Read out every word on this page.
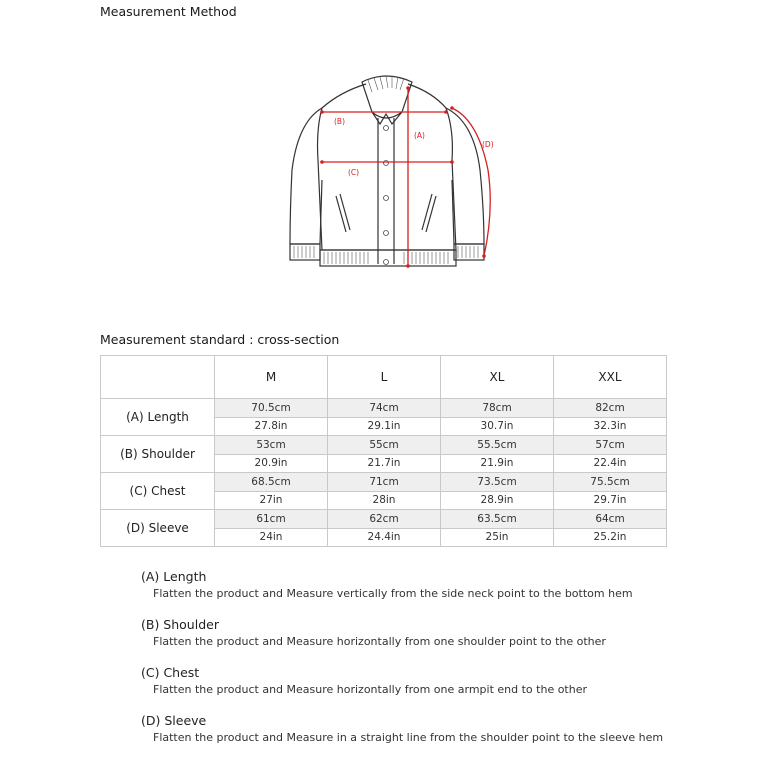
Measurement Method
(B)
(C)
(A)
(D)
Measurement standard : cross-section
	M	L	XL	XXL
(A) Length	70.5cm	74cm	78cm	82cm
	27.8in	29.1in	30.7in	32.3in
(B) Shoulder	53cm	55cm	55.5cm	57cm
	20.9in	21.7in	21.9in	22.4in
(C) Chest	68.5cm	71cm	73.5cm	75.5cm
	27in	28in	28.9in	29.7in
(D) Sleeve	61cm	62cm	63.5cm	64cm
	24in	24.4in	25in	25.2in
(A) Length
Flatten the product and Measure vertically from the side neck point to the bottom hem
(B) Shoulder
Flatten the product and Measure horizontally from one shoulder point to the other
(C) Chest
Flatten the product and Measure horizontally from one armpit end to the other
(D) Sleeve
Flatten the product and Measure in a straight line from the shoulder point to the sleeve hem
